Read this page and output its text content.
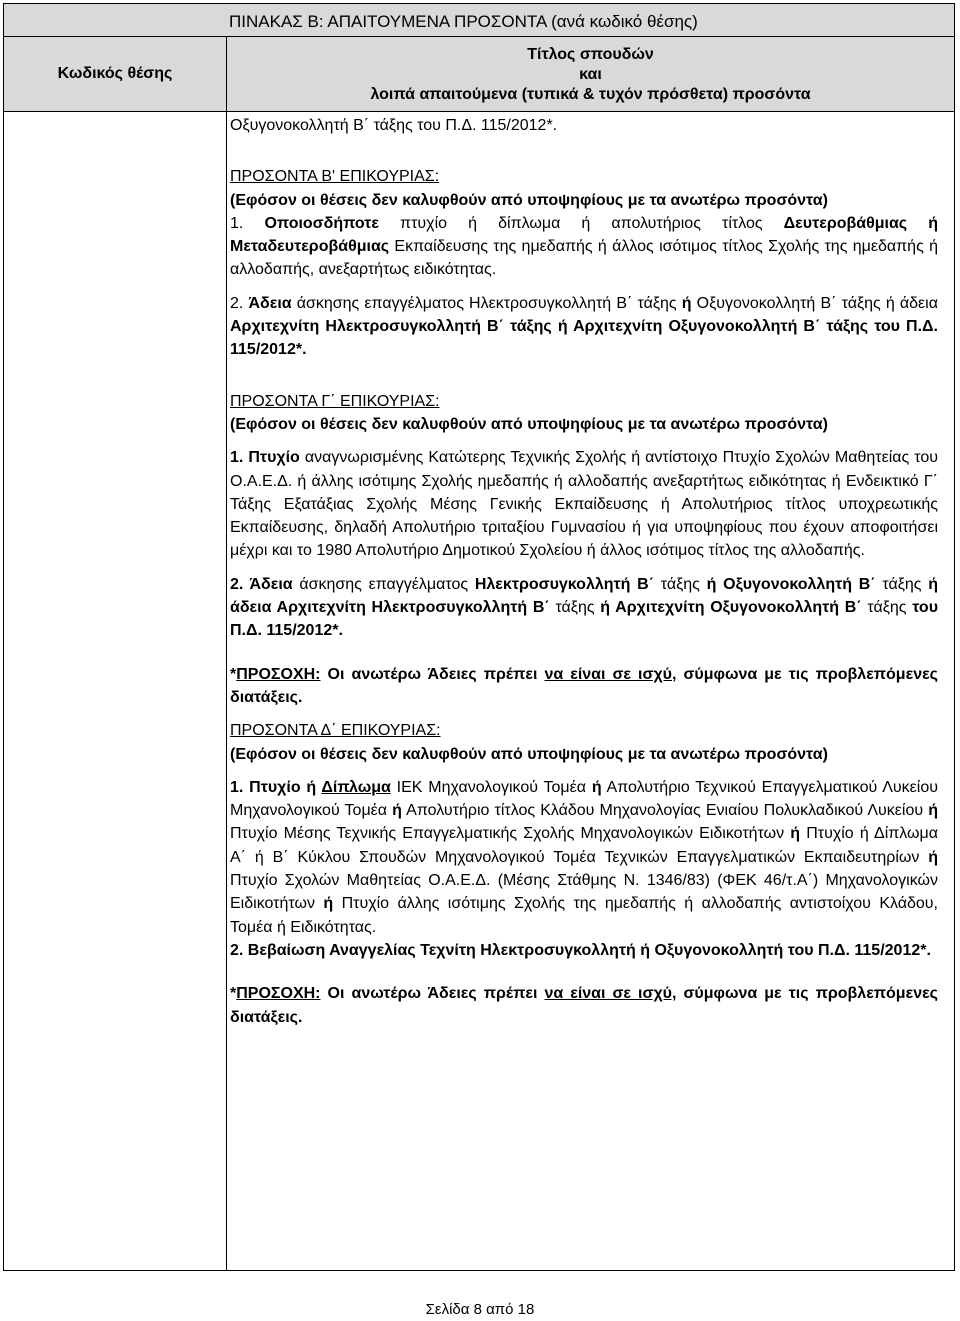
ΠΙΝΑΚΑΣ Β: ΑΠΑΙΤΟΥΜΕΝΑ ΠΡΟΣΟΝΤΑ (ανά κωδικό θέσης)
Κωδικός θέσης
Τίτλος σπουδών
και
λοιπά απαιτούμενα (τυπικά & τυχόν πρόσθετα) προσόντα

Οξυγονοκολλητή Β΄ τάξης του Π.Δ. 115/2012*.

ΠΡΟΣΟΝΤΑ Β' ΕΠΙΚΟΥΡΙΑΣ:

(Εφόσον οι θέσεις δεν καλυφθούν από υποψηφίους με τα ανωτέρω προσόντα)

1. Οποιοσδήποτε πτυχίο ή δίπλωμα ή απολυτήριος τίτλος Δευτεροβάθμιας ή Μεταδευτεροβάθμιας Εκπαίδευσης της ημεδαπής ή άλλος ισότιμος τίτλος Σχολής της ημεδαπής ή αλλοδαπής, ανεξαρτήτως ειδικότητας.

2. Άδεια άσκησης επαγγέλματος Ηλεκτροσυγκολλητή Β΄ τάξης ή Οξυγονοκολλητή Β΄ τάξης ή άδεια Αρχιτεχνίτη Ηλεκτροσυγκολλητή Β΄ τάξης ή Αρχιτεχνίτη Οξυγονοκολλητή Β΄ τάξης του Π.Δ. 115/2012*.

ΠΡΟΣΟΝΤΑ Γ΄ ΕΠΙΚΟΥΡΙΑΣ:

(Εφόσον οι θέσεις δεν καλυφθούν από υποψηφίους με τα ανωτέρω προσόντα)

1. Πτυχίο αναγνωρισμένης Κατώτερης Τεχνικής Σχολής ή αντίστοιχο Πτυχίο Σχολών Μαθητείας του Ο.Α.Ε.Δ. ή άλλης ισότιμης Σχολής ημεδαπής ή αλλοδαπής ανεξαρτήτως ειδικότητας ή Ενδεικτικό Γ΄ Τάξης Εξατάξιας Σχολής Μέσης Γενικής Εκπαίδευσης ή Απολυτήριος τίτλος υποχρεωτικής Εκπαίδευσης, δηλαδή Απολυτήριο τριταξίου Γυμνασίου ή για υποψηφίους που έχουν αποφοιτήσει μέχρι και το 1980 Απολυτήριο Δημοτικού Σχολείου ή άλλος ισότιμος τίτλος της αλλοδαπής.

2. Άδεια άσκησης επαγγέλματος Ηλεκτροσυγκολλητή Β΄ τάξης ή Οξυγονοκολλητή Β΄ τάξης ή άδεια Αρχιτεχνίτη Ηλεκτροσυγκολλητή Β΄ τάξης ή Αρχιτεχνίτη Οξυγονοκολλητή Β΄ τάξης του Π.Δ. 115/2012*.

*ΠΡΟΣΟΧΗ: Οι ανωτέρω Άδειες πρέπει να είναι σε ισχύ, σύμφωνα με τις προβλεπόμενες διατάξεις.

ΠΡΟΣΟΝΤΑ Δ΄ ΕΠΙΚΟΥΡΙΑΣ:

(Εφόσον οι θέσεις δεν καλυφθούν από υποψηφίους με τα ανωτέρω προσόντα)

1. Πτυχίο ή Δίπλωμα ΙΕΚ Μηχανολογικού Τομέα ή Απολυτήριο Τεχνικού Επαγγελματικού Λυκείου Μηχανολογικού Τομέα ή Απολυτήριο τίτλος Κλάδου Μηχανολογίας Ενιαίου Πολυκλαδικού Λυκείου ή Πτυχίο Μέσης Τεχνικής Επαγγελματικής Σχολής Μηχανολογικών Ειδικοτήτων ή Πτυχίο ή Δίπλωμα Α΄ ή Β΄ Κύκλου Σπουδών Μηχανολογικού Τομέα Τεχνικών Επαγγελματικών Εκπαιδευτηρίων ή Πτυχίο Σχολών Μαθητείας Ο.Α.Ε.Δ. (Μέσης Στάθμης Ν. 1346/83) (ΦΕΚ 46/τ.Α΄) Μηχανολογικών Ειδικοτήτων ή Πτυχίο άλλης ισότιμης Σχολής της ημεδαπής ή αλλοδαπής αντιστοίχου Κλάδου, Τομέα ή Ειδικότητας.

2. Βεβαίωση Αναγγελίας Τεχνίτη Ηλεκτροσυγκολλητή ή Οξυγονοκολλητή του Π.Δ. 115/2012*.

*ΠΡΟΣΟΧΗ: Οι ανωτέρω Άδειες πρέπει να είναι σε ισχύ, σύμφωνα με τις προβλεπόμενες διατάξεις.

Σελίδα 8 από 18
